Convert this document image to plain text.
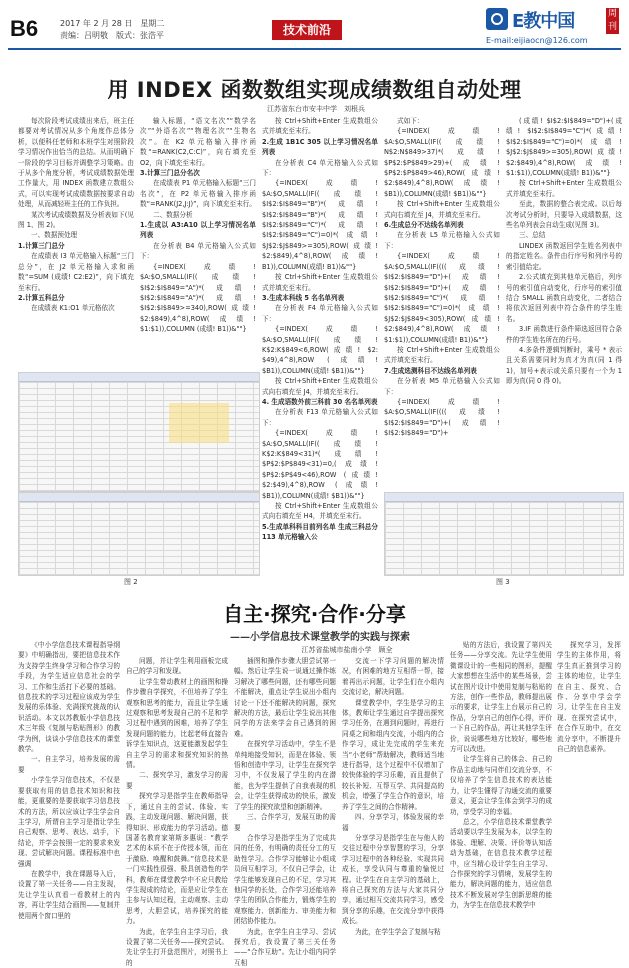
B6	2017 年 2 月 28 日　星期二
责编：吕明敬　版式：张浩平	技术前沿	E教中国	周刊
E-mail:eijiaocn@126.com
用 INDEX 函数数组实现成绩数组自动处理
江苏省东台市安丰中学　刘根兵

每次阶段考试成绩出来后，班主任都要对考试情况从多个角度作总体分析，以便科任老师和本班学生对照阶段学习情况作出恰当的总结。从而明确下一阶段的学习目标并调整学习策略。由于从多个角度分析，考试成绩数据处理工作量大，用 INDEX 函数建立数组公式，可以实现考试成绩数据按要求自动处理，从而减轻班主任的工作负担。

某次考试成绩数据及分析表如下(见图 1、图 2)。

一、数据预处理

1.计算三门总分

在成绩表 I3 单元格输入标题“三门总分”，在 J2 单元格输入求和函数“=SUM (成绩! C2:E2)”，向下填充至末行。

2.计算五科总分

在成绩表 K1:O1 单元格依次

输入标题，“语文名次”“数学名次”“外语名次”“物理名次”“生物名次”。在 K2 单元格输入排序函数“=RANK(C2,C:C)”，向右填充至 O2，向下填充至末行。

3.计算三门总分名次

在成绩表 P1 单元格输入标题“三门名次”，在 P2 单元格输入排序函数“=RANK(J2,J:J)”，向下填充至末行。

二、数据分析

1.生成以 A3:A10 以上学习情况名单列表

在分析表 B4 单元格输入公式如下：

{=INDEX(成绩! $A:$O,SMALL(IF((成绩! $I$2:$I$849="A")*(成绩! $I$2:$I$849="A")*(成绩! $I$2:$I$849>=340),ROW(成绩! $2:$849),4^8),ROW(成绩! $1:$1)),COLUMN (成绩! B1))&""}

按 Ctrl+Shift+Enter 生成数组公式并填充至末行。

2.生成 1B1C 305 以上学习情况名单列表

在分析表 C4 单元格输入公式如下：

{=INDEX(成绩! $A:$O,SMALL(IF((成绩! $I$2:$I$849="B")*(成绩! $I$2:$I$849="B")*(成绩! $I$2:$I$849="C")*(成绩! $I$2:$I$849="C")=0)*(成绩! $J$2:$J$849>=305),ROW(成绩! $2:$849),4^8),ROW(成绩! B1)),COLUMN(成绩! B1))&""}

按 Ctrl+Shift+Enter 生成数组公式并填充至末行。

3.生成本科线 5 名名单列表

在分析表 F4 单元格输入公式如下：

{=INDEX(成绩! $A:$O,SMALL(IF((成绩! K$2:K$849<6,ROW(成绩! $2: $49),4^8),ROW (成绩! $B1)),COLUMN(成绩! $B1))&""}

按 Ctrl+Shift+Enter 生成数组公式向右填充至 J4，并填充至末行。

4. 生成语数外前三科前 30 名名单列表

在分析表 F13 单元格输入公式如下：

{=INDEX(成绩! $A:$O,SMALL(IF((成绩! K$2:K$849<31)*(成绩! $P$2:$P$849<31)=0,(成绩! $P$2:$P$49<46),ROW (成绩! $2:$49),4^8),ROW (成绩! $B1)),COLUMN(成绩! $B1))&""}

按 Ctrl+Shift+Enter 生成数组公式向右填充至 H4，并填充至末行。

5.生成单科科目前列名单 生成三科总分 113 单元格输入公

式如下：

{=INDEX(成绩! $A:$O,SMALL(IF((成绩! N$2:N$849>37)*(成绩! $P$2:$P$849>29)+(成绩! $P$2:$P$849>46),ROW(成绩! $2:$849),4^8),ROW(成绩! $B1)),COLUMN(成绩! $B1))&""}

按 Ctrl+Shift+Enter 生成数组公式向右填充至 J4，并填充至末行。

6.生成总分不达线名单列表

在分析表 L5 单元格输入公式如下：

{=INDEX(成绩! $A:$O,SMALL(IF((((成绩! $I$2:$I$849="D")+(成绩! $I$2:$I$849="D")+(成绩! $I$2:$I$849="C")*(成绩! $I$2:$I$849="C")=0)*(成绩! $J$2:$J$849<305),ROW(成绩! $2:$849),4^8),ROW(成绩! $1:$1)),COLUMN(成绩! B1))&""}

按 Ctrl+Shift+Enter 生成数组公式并填充至末行。

7.生成选测科目不达线名单列表

在分析表 M5 单元格输入公式如下：

{=INDEX(成绩! $A:$O,SMALL(IF((((成绩! $I$2:$I$849="D")+(成绩! $I$2:$I$849="D")+

(成绩! $I$2:$I$849="D")+(成绩! $I$2:$I$849="C")*(成绩! $I$2:$I$849="C")=0)*(成绩! $J$2:$J$849>=305),ROW(成绩! $2:$849),4^8),ROW(成绩! $1:$1)),COLUMN(成绩! B1))&""}

按 Ctrl+Shift+Enter 生成数组公式并填充至末行。

至此，数据的整合表完成。以后每次考试分析时，只要导入成绩数据，这些名单列表会自动生成(见图 3)。

三、总结

LINDEX 函数返回学生姓名列表中的指定姓名。条件由行序号和列序号的索引值给定。

2.公式填充到其他单元格后，列序号的索引值自动变化，行序号的索引值结合 SMALL 函数自动变化，二者结合将依次返回列表中符合条件的学生姓名。

3.IF 函数进行条件筛选返回符合条件的学生姓名所在的行号。

4.多条件逻辑判断时，乘号 * 表示且关系需要同时为真才为真(同 1 得 1)，加号+表示或关系只要有一个为 1 即为真(同 0 得 0)。

图 2	图 3
自主·探究·合作·分享
——小学信息技术课堂教学的实践与探索
江苏省盐城市盐南小学　顾全

《中小学信息技术课程指导纲要》中明确指出，要把信息技术作为支持学生终身学习和合作学习的手段，为学生适应信息社会的学习、工作和生活打下必要的基础。信息技术的学习过程应该成为学生发展的乐体验、充满探究挑战的认识活动。本文以苏教版小学信息技术三年级《复制与粘贴图形》的教学为例，谈谈小学信息技术的课堂教学。

一、自主学习，培养发展的需要

小学生学习信息技术，不仅是要获取有用的信息技术知识和技能，更重要的是要获取学习信息技术的方法，所以应该让学生学会自主学习，所谓自主学习是指让学生自己观察、思考、表达、动手，下结论，并学会按照一定的要求来发现、尝试解决问题。课程标准中也强调

在教学中，我在课题导入后，设置了第一关任务——自主发现，先让学生认真看一看教材上的内容，再让学生结合画图——复制并使用两个窗口里的

问题，并让学生利用画板完成自己的学习和发现。

让学生带动教材上的画图和操作步骤自学探究，不但培养了学生观察和思考的能力，而且让学生通过观察和思考发现自己的不足和学习过程中遇到的困难，培养了学生发现问题的能力，比起老师直接告诉学生知识点，这更能激发起学生自主学习的需求和探究知识的热情。

二、探究学习，激发学习的需要

探究学习是指学生在教师指导下，通过自主的尝试、体验、实践，主动发现问题、解决问题，获得知识、形成能力的学习活动。德国著名教育家第斯多惠说：“教学艺术的本质不在于传授本领，而在于激励、唤醒和鼓舞。”信息技术是一门实践性很强、极具创造性的学科，教师在课堂教学中不应只教给学生现成的结论，而是应让学生在主参与认知过程，主动观察、主动思考，大胆尝试，培养探究的能力。

为此，在学生自主学习后，我设置了第二关任务——探究尝试。先让学生打开盘范图片，对照书上的

插图和操作步骤大胆尝试第一幅。然后让学生说一说通过操作练习解决了哪些问题，还有哪些问题不能解决，重点让学生说出小组内讨论一下还不能解决的问题，探究解决的方法，最后让学生说出其他同学的方法来学会自己遇到的困难。

在探究学习活动中，学生不是单纯地接受知识，而是在体验、领悟和创造中学习，让学生在探究学习中，不仅发展了学生的内在潜能，也为学生提供了自我表现的机会，让学生获得成功的快乐，激发了学生的探究欲望和创新精神。

三、合作学习，发展互助的需要

合作学习是指学生为了完成共同的任务，有明确的责任分工的互助性学习。合作学习能够让小组成员间互相学习，不仅自己学会，让学生能够发现自己的不足，学习其他同学的长处，合作学习还能培养学生的团队合作能力，锻炼学生的观察能力、创新能力、审美能力和团结协作能力。

为此，在学生自主学习、尝试探究后，我设置了第三关任务——“合作互助”。先让小组内同学互相

交流一下学习问题的解决情况，有困难的地方互相帮一帮，接着再出示问题，让学生们在小组内交流讨论，解决问题。

课堂教学中，学生是学习的主体，教师让学生通过自学提出探究学习任务，在遇到问题时，再进行同桌之间和组内交流，小组内的合作学习，成让先完成的学生来充当“小老师”帮助解决，教师适当地进行指导，这个过程中不仅增加了较快体验的学习乐趣，而且提供了较长补短、互帮互学、共同提高的机会，增强了学生合作的意识，培养了学生之间的合作精神。

四、分享学习，体验发展的幸福

分享学习是指学生在与他人的交往过程中分享智慧的学习，分享学习过程中的各种经验、实现共同成长，享受认同与尊重的愉悦过程。让学生在自主学习的基础上，将自己探究的方法与大家共同分享，通过相互交流共同学习，感受到分享的乐趣，在交流分享中获得成长。

为此，在学生学会了复制与粘

贴的方法后，我设置了第四关任务——分享交流。先让学生使用微课设计的一些相同的图形，提醒大家想想在生活中的某些场景，尝试在图片设计中使用复制与粘贴的方法，创作一些作品，教师提出展示的要求，让学生上台展示自己的作品，分享自己的创作心得，评价一下自己的作品，再让其他学生评价，说说哪些地方比较好，哪些地方可以改进。

让学生将自己的体会、自己的作品主动地与同伴们交流分享，不仅培养了学生信息技术的表达能力，让学生懂得了沟通交流的重要意义，更会让学生体会到学习的成功，享受学习的幸福。

总之，小学信息技术课堂教学活动要以学生发展为本，以学生的体验、理解、决策、评价等认知活动为基础，在信息技术教学过程中，应当精心设计学生自主学习、合作探究的学习情境，发展学生的能力，解决问题的能力，适应信息技术不断发展对学生创新思维的能力，为学生在信息技术教学中

探究学习，发挥学生的主体作用，将学生真正推到学习的主体的地位，让学生在自主、探究、合作、分享中学会学习，让学生在自主发现、在探究尝试中，在合作互助中，在交流分享中，不断提升自己的信息素养。
